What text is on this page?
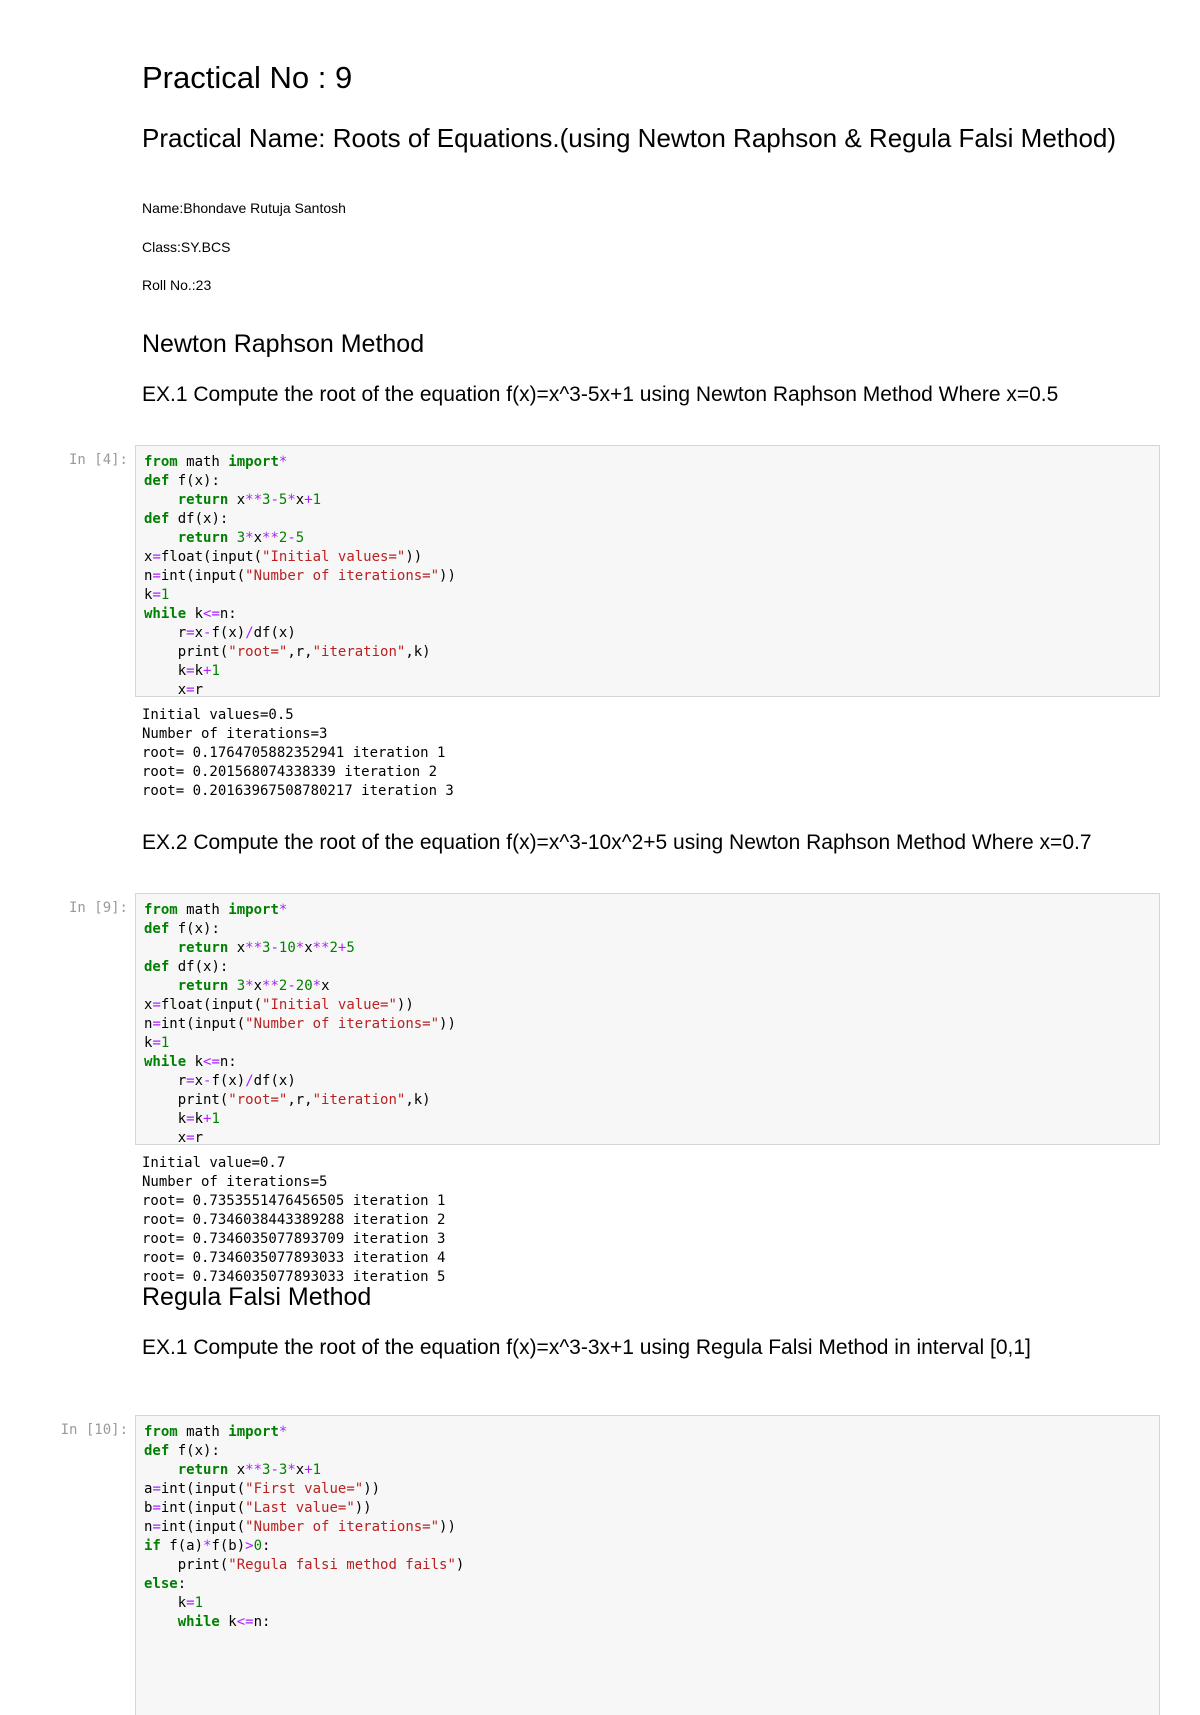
Practical No : 9
Practical Name: Roots of Equations.(using Newton Raphson & Regula Falsi Method)
Name:Bhondave Rutuja Santosh
Class:SY.BCS
Roll No.:23
Newton Raphson Method
EX.1 Compute the root of the equation f(x)=x^3-5x+1 using Newton Raphson Method Where x=0.5
In [4]:	from math import*
def f(x):
return x**3-5*x+1
def df(x):
return 3*x**2-5
x=float(input("Initial values="))
n=int(input("Number of iterations="))
k=1
while k<=n:
r=x-f(x)/df(x)
print("root=",r,"iteration",k)
k=k+1
x=r
Initial values=0.5
Number of iterations=3
root= 0.1764705882352941 iteration 1
root= 0.201568074338339 iteration 2
root= 0.20163967508780217 iteration 3
EX.2 Compute the root of the equation f(x)=x^3-10x^2+5 using Newton Raphson Method Where x=0.7
In [9]:	from math import*
def f(x):
return x**3-10*x**2+5
def df(x):
return 3*x**2-20*x
x=float(input("Initial value="))
n=int(input("Number of iterations="))
k=1
while k<=n:
r=x-f(x)/df(x)
print("root=",r,"iteration",k)
k=k+1
x=r
Initial value=0.7
Number of iterations=5
root= 0.7353551476456505 iteration 1
root= 0.7346038443389288 iteration 2
root= 0.7346035077893709 iteration 3
root= 0.7346035077893033 iteration 4
root= 0.7346035077893033 iteration 5
Regula Falsi Method
EX.1 Compute the root of the equation f(x)=x^3-3x+1 using Regula Falsi Method in interval [0,1]
In [10]:	from math import*
def f(x):
return x**3-3*x+1
a=int(input("First value="))
b=int(input("Last value="))
n=int(input("Number of iterations="))
if f(a)*f(b)>0:
print("Regula falsi method fails")
else:
k=1
while k<=n:
